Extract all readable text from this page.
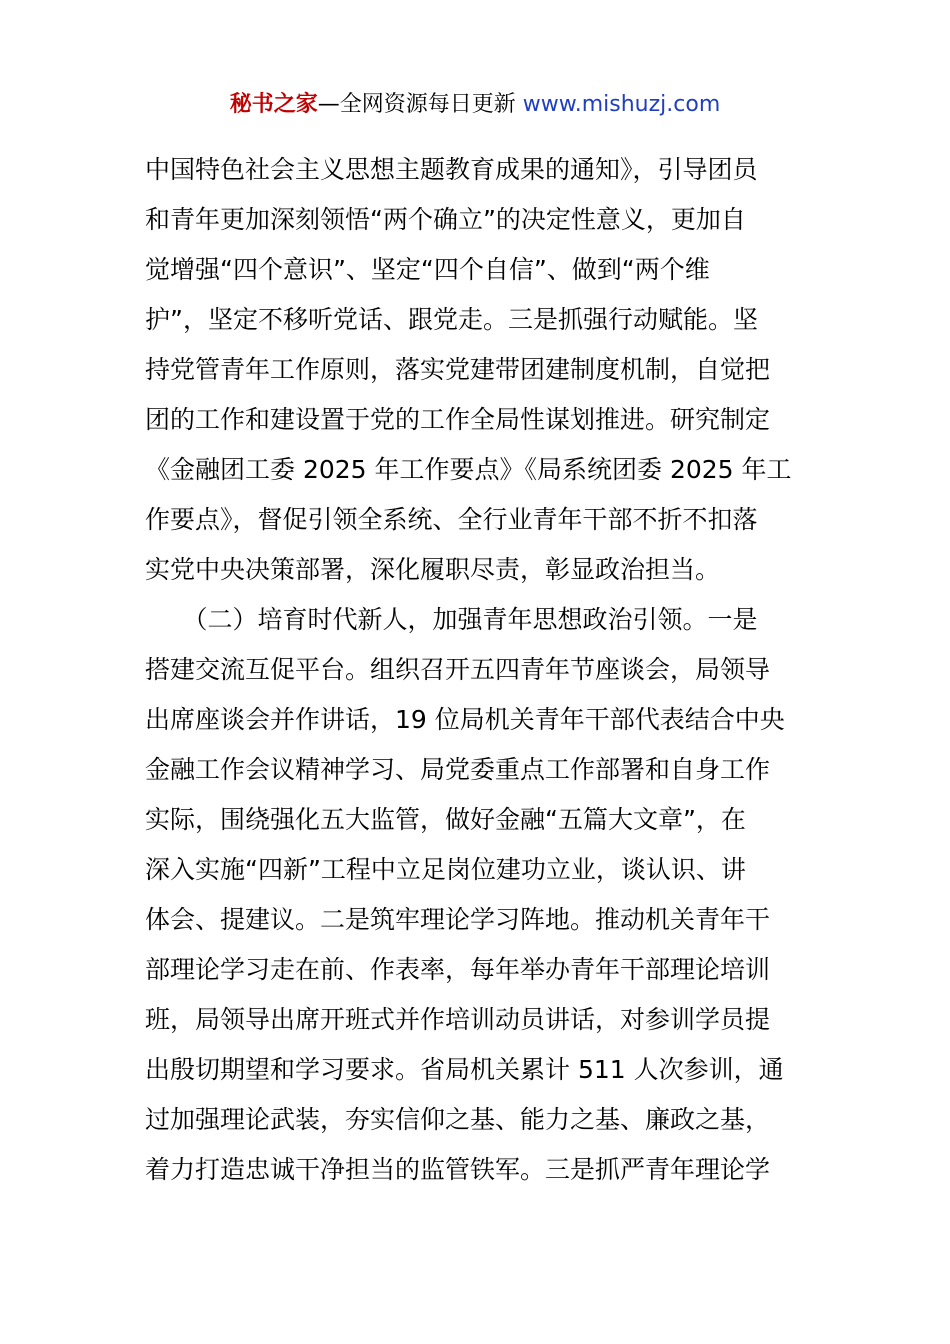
秘书之家—全网资源每日更新 www.mishuzj.com
中国特色社会主义思想主题教育成果的通知》，引导团员
和青年更加深刻领悟“两个确立”的决定性意义，更加自
觉增强“四个意识”、坚定“四个自信”、做到“两个维
护”，坚定不移听党话、跟党走。三是抓强行动赋能。坚
持党管青年工作原则，落实党建带团建制度机制，自觉把
团的工作和建设置于党的工作全局性谋划推进。研究制定
《金融团工委 2025 年工作要点》《局系统团委 2025 年工
作要点》，督促引领全系统、全行业青年干部不折不扣落
实党中央决策部署，深化履职尽责，彰显政治担当。
　　（二）培育时代新人，加强青年思想政治引领。一是
搭建交流互促平台。组织召开五四青年节座谈会，局领导
出席座谈会并作讲话，19 位局机关青年干部代表结合中央
金融工作会议精神学习、局党委重点工作部署和自身工作
实际，围绕强化五大监管，做好金融“五篇大文章”，在
深入实施“四新”工程中立足岗位建功立业，谈认识、讲
体会、提建议。二是筑牢理论学习阵地。推动机关青年干
部理论学习走在前、作表率，每年举办青年干部理论培训
班，局领导出席开班式并作培训动员讲话，对参训学员提
出殷切期望和学习要求。省局机关累计 511 人次参训，通
过加强理论武装，夯实信仰之基、能力之基、廉政之基，
着力打造忠诚干净担当的监管铁军。三是抓严青年理论学
